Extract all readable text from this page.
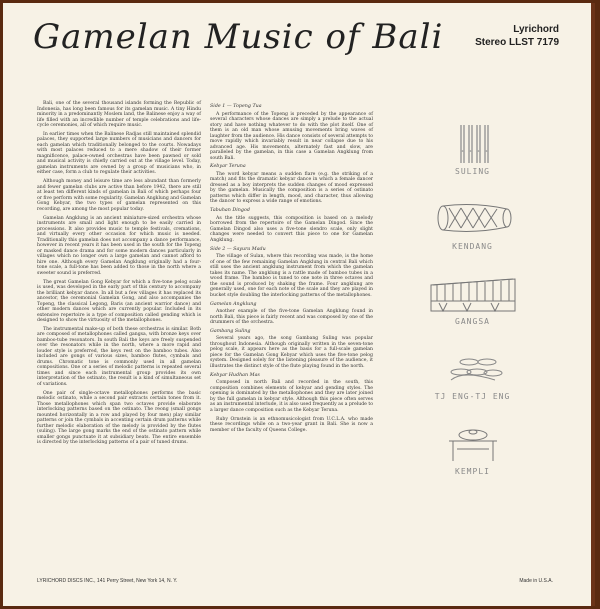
Gamelan Music of Bali	Lyrichord
Stereo LLST 7179

Bali, one of the several thousand islands forming the Republic of Indonesia, has long been famous for its gamelan music. A tiny Hindu minority in a predominantly Moslem land, the Balinese enjoy a way of life filled with an incredible number of temple celebrations and life-cycle ceremonies, all of which require music.

In earlier times when the Balinese Radjas still maintained splendid palaces, they supported large numbers of musicians and dancers for each gamelan which traditionally belonged to the courts. Nowadays with most palaces reduced to a mere shadow of their former magnificence, palace-owned orchestras have been pawned or sold and musical activity is chiefly carried out at the village level. Today, gamelan instruments are owned by a group of musicians who, in either case, form a club to regulate their activities.

Although money and leisure time are less abundant than formerly and fewer gamelan clubs are active than before 1942, there are still at least ten different kinds of gamelan in Bali of which perhaps four or five perform with some regularity. Gamelan Angklung and Gamelan Gong Kebyar, the two types of gamelan represented on this recording, are among the most popular today.

Gamelan Angklung is an ancient miniature-sized orchestra whose instruments are small and light enough to be easily carried in processions. It also provides music to temple festivals, cremations, and virtually every other occasion for which music is needed. Traditionally this gamelan does not accompany a dance performance, however in recent years it has been used in the south for the Topeng or masked dance drama and for some modern dances particularly in villages which no longer own a large gamelan and cannot afford to hire one. Although every Gamelan Angklung originally had a four-tone scale, a full-tone has been added to those in the north where a sweeter sound is preferred.

The great Gamelan Gong Kebyar for which a five-tone pelog scale is used, was developed in the early part of this century to accompany the brilliant kebyar dance. In all but a few villages it has replaced its ancestor, the ceremonial Gamelan Gong, and also accompanies the Topeng, the classical Legong, Baris (an ancient warrior dance) and other modern dances which are currently popular. Included in its extensive repertoire is a type of composition called gending which is designed to show the virtuosity of the metallophones.

The instrumental make-up of both these orchestras is similar. Both are composed of metallophones called gangsa, with bronze keys over bamboo-tube resonators. In south Bali the keys are freely suspended over the resonators while in the north, where a more rapid and louder style is preferred, the keys rest on the bamboo tubes. Also included are gongs of various sizes, bamboo flutes, cymbals and drums. Chromatic tone is commonly used in all gamelan compositions. One or a series of melodic patterns is repeated several times and since each instrumental group provides its own interpretation of the ostinato, the result is a kind of simultaneous set of variations.

One pair of single-octave metallophones performs the basic melodic ostinato, while a second pair extracts certain tones from it. Those metallophones which span two octaves provide elaborate interlocking patterns based on the ostinato. The reong (small gongs mounted horizontally in a row and played by four men) play similar patterns or join the cymbals in accenting certain drum patterns while further melodic elaboration of the melody is provided by the flutes (suling). The large gong marks the end of the ostinato pattern while smaller gongs punctuate it at subsidiary beats. The entire ensemble is directed by the interlocking patterns of a pair of tuned drums.

Side 1 — Topeng Tua

A performance of the Topeng is preceded by the appearance of several characters whose dances are simply a prelude to the actual story and have nothing whatever to do with the plot itself. One of them is an old man whose amusing movements bring waves of laughter from the audience. His dance consists of several attempts to move rapidly which invariably result in near collapse due to his advanced age. His movements, alternately fast and slow, are paralleled by the gamelan, in this case a Gamelan Angklung from south Bali.

Kebyar Teruna

The word kebyar means a sudden flare (e.g. the striking of a match) and fits the dramatic kebyar dance in which a female dancer dressed as a boy interprets the sudden changes of mood expressed by the gamelan. Musically the composition is a series of ostinato patterns which differ in length, mood, and character, thus allowing the dancer to express a wide range of emotions.

Tabuhan Dingod

As the title suggests, this composition is based on a melody borrowed from the repertoire of the Gamelan Dingod. Since the Gamelan Dingod also uses a five-tone slendro scale, only slight changes were needed to convert this piece to one for Gamelan Angklung.

Side 2 — Sayura Madu

The village of Sulan, where this recording was made, is the home of one of the few remaining Gamelan Angklung in central Bali which still uses the ancient angklung instrument from which the gamelan takes its name. The angklung is a rattle made of bamboo tubes in a wood frame. The bamboo is tuned to one note in three octaves and the sound is produced by shaking the frame. Four angklung are generally used, one for each note of the scale and they are played in bucket style doubling the interlocking patterns of the metallophones.

Gamelan Angklung

Another example of the five-tone Gamelan Angklung found in north Bali, this piece is fairly recent and was composed by one of the drummers of the orchestra.

Gambang Suling

Several years ago, the song Gambang Suling was popular throughout Indonesia. Although originally written in the seven-tone pelog scale, it appears here as the basis for a full-scale gamelan piece for the Gamelan Gong Kebyar which uses the five-tone pelog system. Designed solely for the listening pleasure of the audience, it illustrates the distinct style of the flute playing found in the north.

Kebyar Hudhan Mas

Composed in north Bali and recorded in the south, this composition combines elements of kebyar and gending styles. The opening is dominated by the metallophones and they are later joined by the full gamelan in kebyar style. Although this piece often serves as an instrumental interlude, it is also used frequently as a prelude to a larger dance composition such as the Kebyar Teruna.

Ruby Ornstein is an ethnomusicologist from U.C.L.A. who made these recordings while on a two-year grant in Bali. She is now a member of the faculty of Queens College.

SULING
KENDANG
GANGSA
TJ ENG-TJ ENG
KEMPLI
LYRICHORD DISCS INC., 141 Perry Street, New York 14, N. Y.	Made in U.S.A.
